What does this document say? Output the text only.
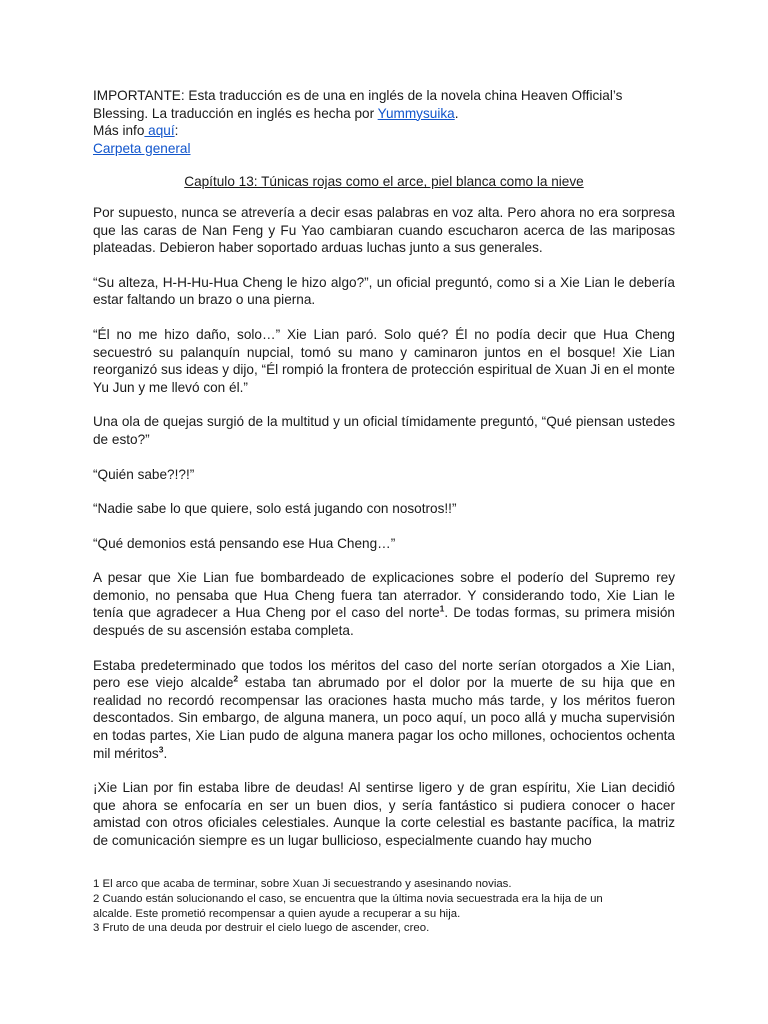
IMPORTANTE: Esta traducción es de una en inglés de la novela china Heaven Official’s Blessing. La traducción en inglés es hecha por Yummysuika.

Más info aquí:

Carpeta general

Capítulo 13: Túnicas rojas como el arce, piel blanca como la nieve

Por supuesto, nunca se atrevería a decir esas palabras en voz alta. Pero ahora no era sorpresa que las caras de Nan Feng y Fu Yao cambiaran cuando escucharon acerca de las mariposas plateadas. Debieron haber soportado arduas luchas junto a sus generales.

“Su alteza, H-H-Hu-Hua Cheng le hizo algo?”, un oficial preguntó, como si a Xie Lian le debería estar faltando un brazo o una pierna.

“Él no me hizo daño, solo…” Xie Lian paró. Solo qué? Él no podía decir que Hua Cheng secuestró su palanquín nupcial, tomó su mano y caminaron juntos en el bosque! Xie Lian reorganizó sus ideas y dijo, “Él rompió la frontera de protección espiritual de Xuan Ji en el monte Yu Jun y me llevó con él.”

Una ola de quejas surgió de la multitud y un oficial tímidamente preguntó, “Qué piensan ustedes de esto?”

“Quién sabe?!?!”

“Nadie sabe lo que quiere, solo está jugando con nosotros!!”

“Qué demonios está pensando ese Hua Cheng…”

A pesar que Xie Lian fue bombardeado de explicaciones sobre el poderío del Supremo rey demonio, no pensaba que Hua Cheng fuera tan aterrador. Y considerando todo, Xie Lian le tenía que agradecer a Hua Cheng por el caso del norte$^1$. De todas formas, su primera misión después de su ascensión estaba completa.

Estaba predeterminado que todos los méritos del caso del norte serían otorgados a Xie Lian, pero ese viejo alcalde$^2$ estaba tan abrumado por el dolor por la muerte de su hija que en realidad no recordó recompensar las oraciones hasta mucho más tarde, y los méritos fueron descontados. Sin embargo, de alguna manera, un poco aquí, un poco allá y mucha supervisión en todas partes, Xie Lian pudo de alguna manera pagar los ocho millones, ochocientos ochenta mil méritos$^3$.

¡Xie Lian por fin estaba libre de deudas! Al sentirse ligero y de gran espíritu, Xie Lian decidió que ahora se enfocaría en ser un buen dios, y sería fantástico si pudiera conocer o hacer amistad con otros oficiales celestiales. Aunque la corte celestial es bastante pacífica, la matriz de comunicación siempre es un lugar bullicioso, especialmente cuando hay mucho

1 El arco que acaba de terminar, sobre Xuan Ji secuestrando y asesinando novias.

2 Cuando están solucionando el caso, se encuentra que la última novia secuestrada era la hija de un

alcalde. Este prometió recompensar a quien ayude a recuperar a su hija.

3 Fruto de una deuda por destruir el cielo luego de ascender, creo.
